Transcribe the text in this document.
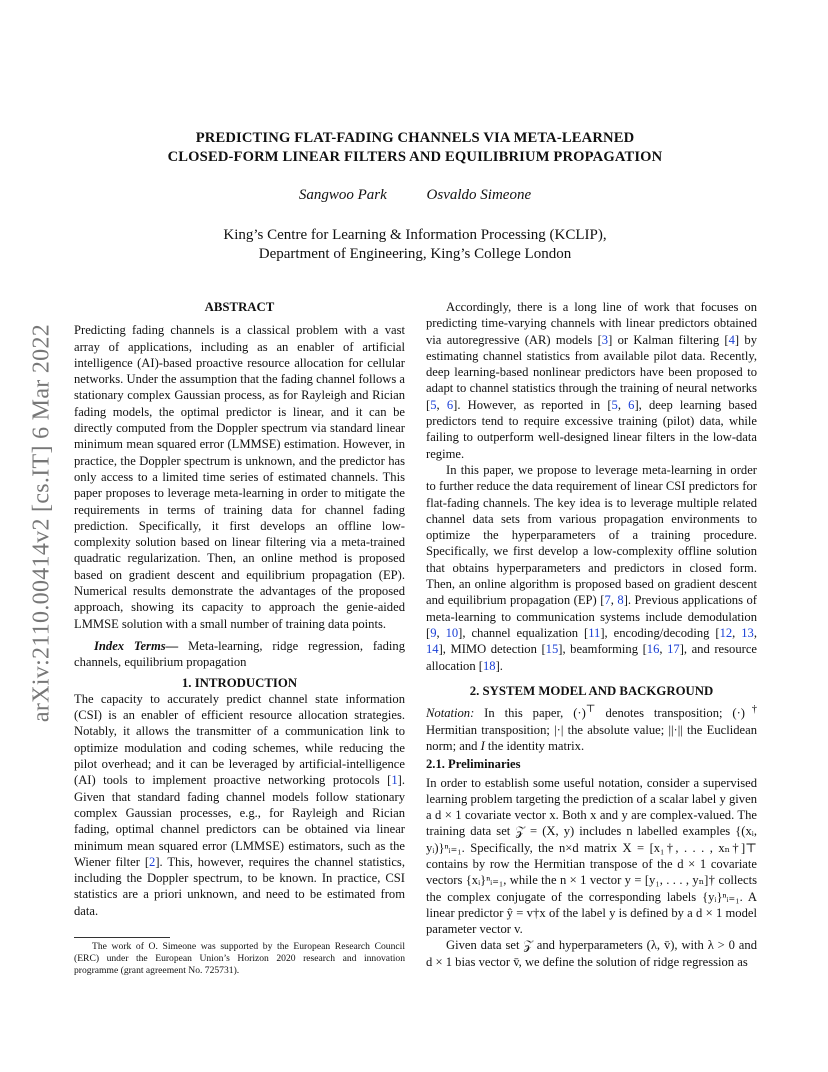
PREDICTING FLAT-FADING CHANNELS VIA META-LEARNED
CLOSED-FORM LINEAR FILTERS AND EQUILIBRIUM PROPAGATION
Sangwoo Park	Osvaldo Simeone
King’s Centre for Learning & Information Processing (KCLIP),
Department of Engineering, King’s College London
arXiv:2110.00414v2 [cs.IT] 6 Mar 2022

ABSTRACT

Predicting fading channels is a classical problem with a vast array of applications, including as an enabler of artificial intelligence (AI)-based proactive resource allocation for cellular networks. Under the assumption that the fading channel follows a stationary complex Gaussian process, as for Rayleigh and Rician fading models, the optimal predictor is linear, and it can be directly computed from the Doppler spectrum via standard linear minimum mean squared error (LMMSE) estimation. However, in practice, the Doppler spectrum is unknown, and the predictor has only access to a limited time series of estimated channels. This paper proposes to leverage meta-learning in order to mitigate the requirements in terms of training data for channel fading prediction. Specifically, it first develops an offline low-complexity solution based on linear filtering via a meta-trained quadratic regularization. Then, an online method is proposed based on gradient descent and equilibrium propagation (EP). Numerical results demonstrate the advantages of the proposed approach, showing its capacity to approach the genie-aided LMMSE solution with a small number of training data points.

Index Terms— Meta-learning, ridge regression, fading channels, equilibrium propagation

1. INTRODUCTION

The capacity to accurately predict channel state information (CSI) is an enabler of efficient resource allocation strategies. Notably, it allows the transmitter of a communication link to optimize modulation and coding schemes, while reducing the pilot overhead; and it can be leveraged by artificial-intelligence (AI) tools to implement proactive networking protocols [1]. Given that standard fading channel models follow stationary complex Gaussian processes, e.g., for Rayleigh and Rician fading, optimal channel predictors can be obtained via linear minimum mean squared error (LMMSE) estimators, such as the Wiener filter [2]. This, however, requires the channel statistics, including the Doppler spectrum, to be known. In practice, CSI statistics are a priori unknown, and need to be estimated from data.

The work of O. Simeone was supported by the European Research Council (ERC) under the European Union’s Horizon 2020 research and innovation programme (grant agreement No. 725731).

Accordingly, there is a long line of work that focuses on predicting time-varying channels with linear predictors obtained via autoregressive (AR) models [3] or Kalman filtering [4] by estimating channel statistics from available pilot data. Recently, deep learning-based nonlinear predictors have been proposed to adapt to channel statistics through the training of neural networks [5, 6]. However, as reported in [5, 6], deep learning based predictors tend to require excessive training (pilot) data, while failing to outperform well-designed linear filters in the low-data regime.

In this paper, we propose to leverage meta-learning in order to further reduce the data requirement of linear CSI predictors for flat-fading channels. The key idea is to leverage multiple related channel data sets from various propagation environments to optimize the hyperparameters of a training procedure. Specifically, we first develop a low-complexity offline solution that obtains hyperparameters and predictors in closed form. Then, an online algorithm is proposed based on gradient descent and equilibrium propagation (EP) [7, 8]. Previous applications of meta-learning to communication systems include demodulation [9, 10], channel equalization [11], encoding/decoding [12, 13, 14], MIMO detection [15], beamforming [16, 17], and resource allocation [18].

2. SYSTEM MODEL AND BACKGROUND

Notation: In this paper, (·)⊤ denotes transposition; (·)† Hermitian transposition; |·| the absolute value; ||·|| the Euclidean norm; and I the identity matrix.

2.1. Preliminaries

In order to establish some useful notation, consider a supervised learning problem targeting the prediction of a scalar label y given a d × 1 covariate vector x. Both x and y are complex-valued. The training data set 𝒵 = (X, y) includes n labelled examples {(xᵢ, yᵢ)}ⁿᵢ₌₁. Specifically, the n×d matrix X = [x₁†, . . . , xₙ†]⊤ contains by row the Hermitian transpose of the d × 1 covariate vectors {xᵢ}ⁿᵢ₌₁, while the n × 1 vector y = [y₁, . . . , yₙ]† collects the complex conjugate of the corresponding labels {yᵢ}ⁿᵢ₌₁. A linear predictor ŷ = v†x of the label y is defined by a d × 1 model parameter vector v.

Given data set 𝒵 and hyperparameters (λ, v̄), with λ > 0 and d × 1 bias vector v̄, we define the solution of ridge regression as
